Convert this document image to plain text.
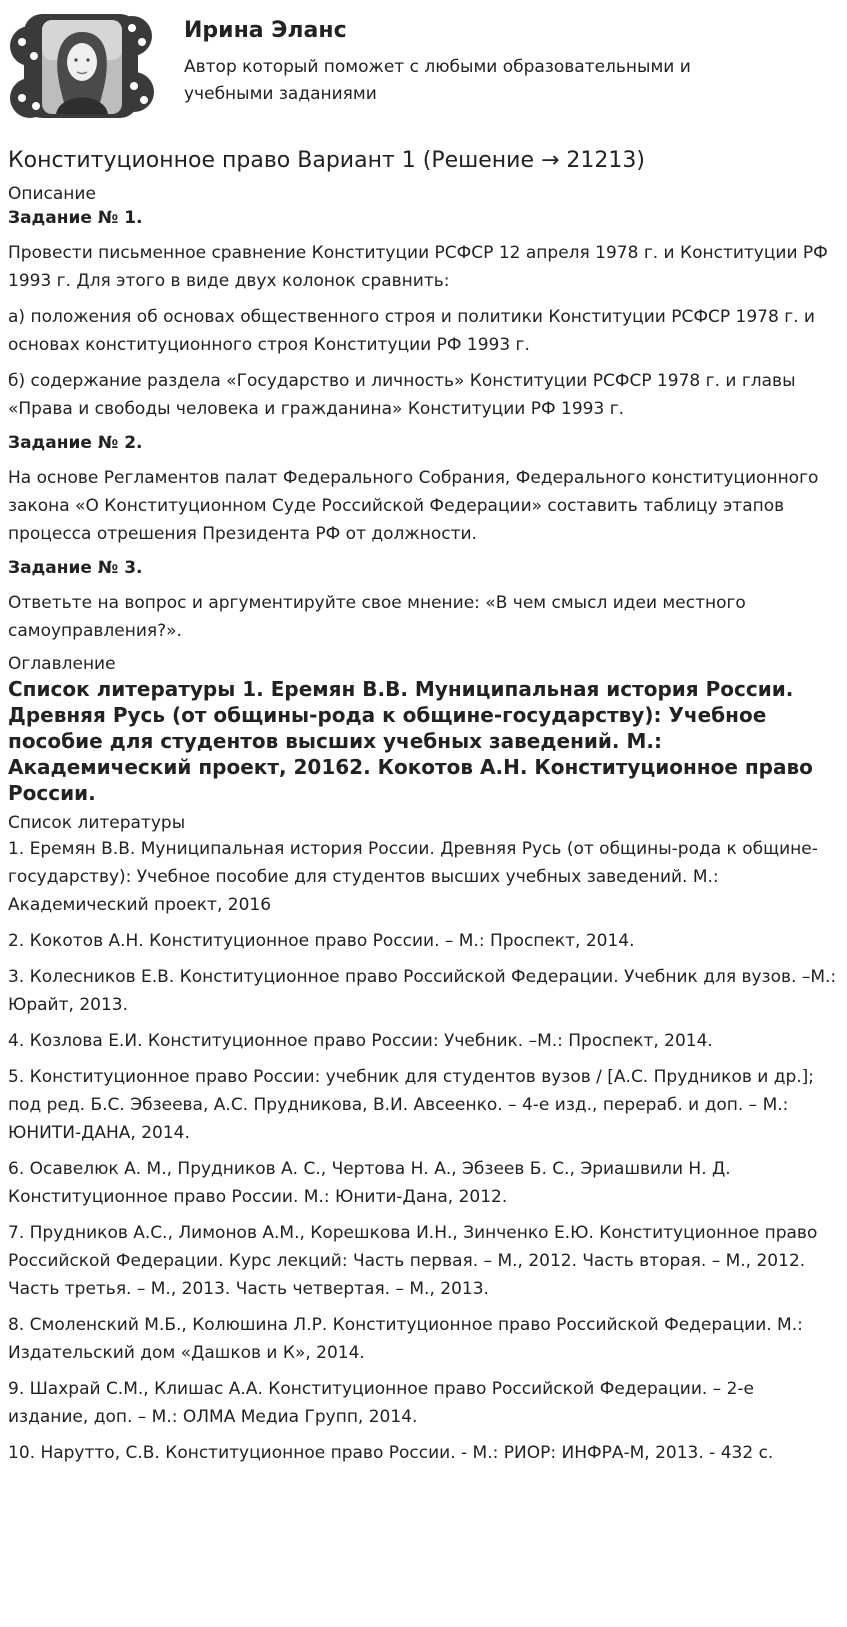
Ирина Эланс
Автор который поможет с любыми образовательными и учебными заданиями
Конституционное право Вариант 1 (Решение → 21213)
Описание
Задание № 1.

Провести письменное сравнение Конституции РСФСР 12 апреля 1978 г. и Конституции РФ 1993 г. Для этого в виде двух колонок сравнить:

а) положения об основах общественного строя и политики Конституции РСФСР 1978 г. и основах конституционного строя Конституции РФ 1993 г.

б) содержание раздела «Государство и личность» Конституции РСФСР 1978 г. и главы «Права и свободы человека и гражданина» Конституции РФ 1993 г.

Задание № 2.

На основе Регламентов палат Федерального Собрания, Федерального конституционного закона «О Конституционном Суде Российской Федерации» составить таблицу этапов процесса отрешения Президента РФ от должности.

Задание № 3.

Ответьте на вопрос и аргументируйте свое мнение: «В чем смысл идеи местного самоуправления?».

Оглавление
Список литературы 1. Еремян В.В. Муниципальная история России. Древняя Русь (от общины-рода к общине-государству): Учебное пособие для студентов высших учебных заведений. М.: Академический проект, 20162. Кокотов А.Н. Конституционное право России.
Список литературы

1. Еремян В.В. Муниципальная история России. Древняя Русь (от общины-рода к общине-государству): Учебное пособие для студентов высших учебных заведений. М.: Академический проект, 2016

2. Кокотов А.Н. Конституционное право России. – М.: Проспект, 2014.

3. Колесников Е.В. Конституционное право Российской Федерации. Учебник для вузов. –М.: Юрайт, 2013.

4. Козлова Е.И. Конституционное право России: Учебник. –М.: Проспект, 2014.

5. Конституционное право России: учебник для студентов вузов / [А.С. Прудников и др.]; под ред. Б.С. Эбзеева, А.С. Прудникова, В.И. Авсеенко. – 4-е изд., перераб. и доп. – М.: ЮНИТИ-ДАНА, 2014.

6. Осавелюк А. М., Прудников А. С., Чертова Н. А., Эбзеев Б. С., Эриашвили Н. Д. Конституционное право России. М.: Юнити-Дана, 2012.

7. Прудников А.С., Лимонов А.М., Корешкова И.Н., Зинченко Е.Ю. Конституционное право Российской Федерации. Курс лекций: Часть первая. – М., 2012. Часть вторая. – М., 2012. Часть третья. – М., 2013. Часть четвертая. – М., 2013.

8. Смоленский М.Б., Колюшина Л.Р. Конституционное право Российской Федерации. М.: Издательский дом «Дашков и К», 2014.

9. Шахрай С.М., Клишас А.А. Конституционное право Российской Федерации. – 2-е издание, доп. – М.: ОЛМА Медиа Групп, 2014.

10. Нарутто, С.В. Конституционное право России. - М.: РИОР: ИНФРА-М, 2013. - 432 с.
